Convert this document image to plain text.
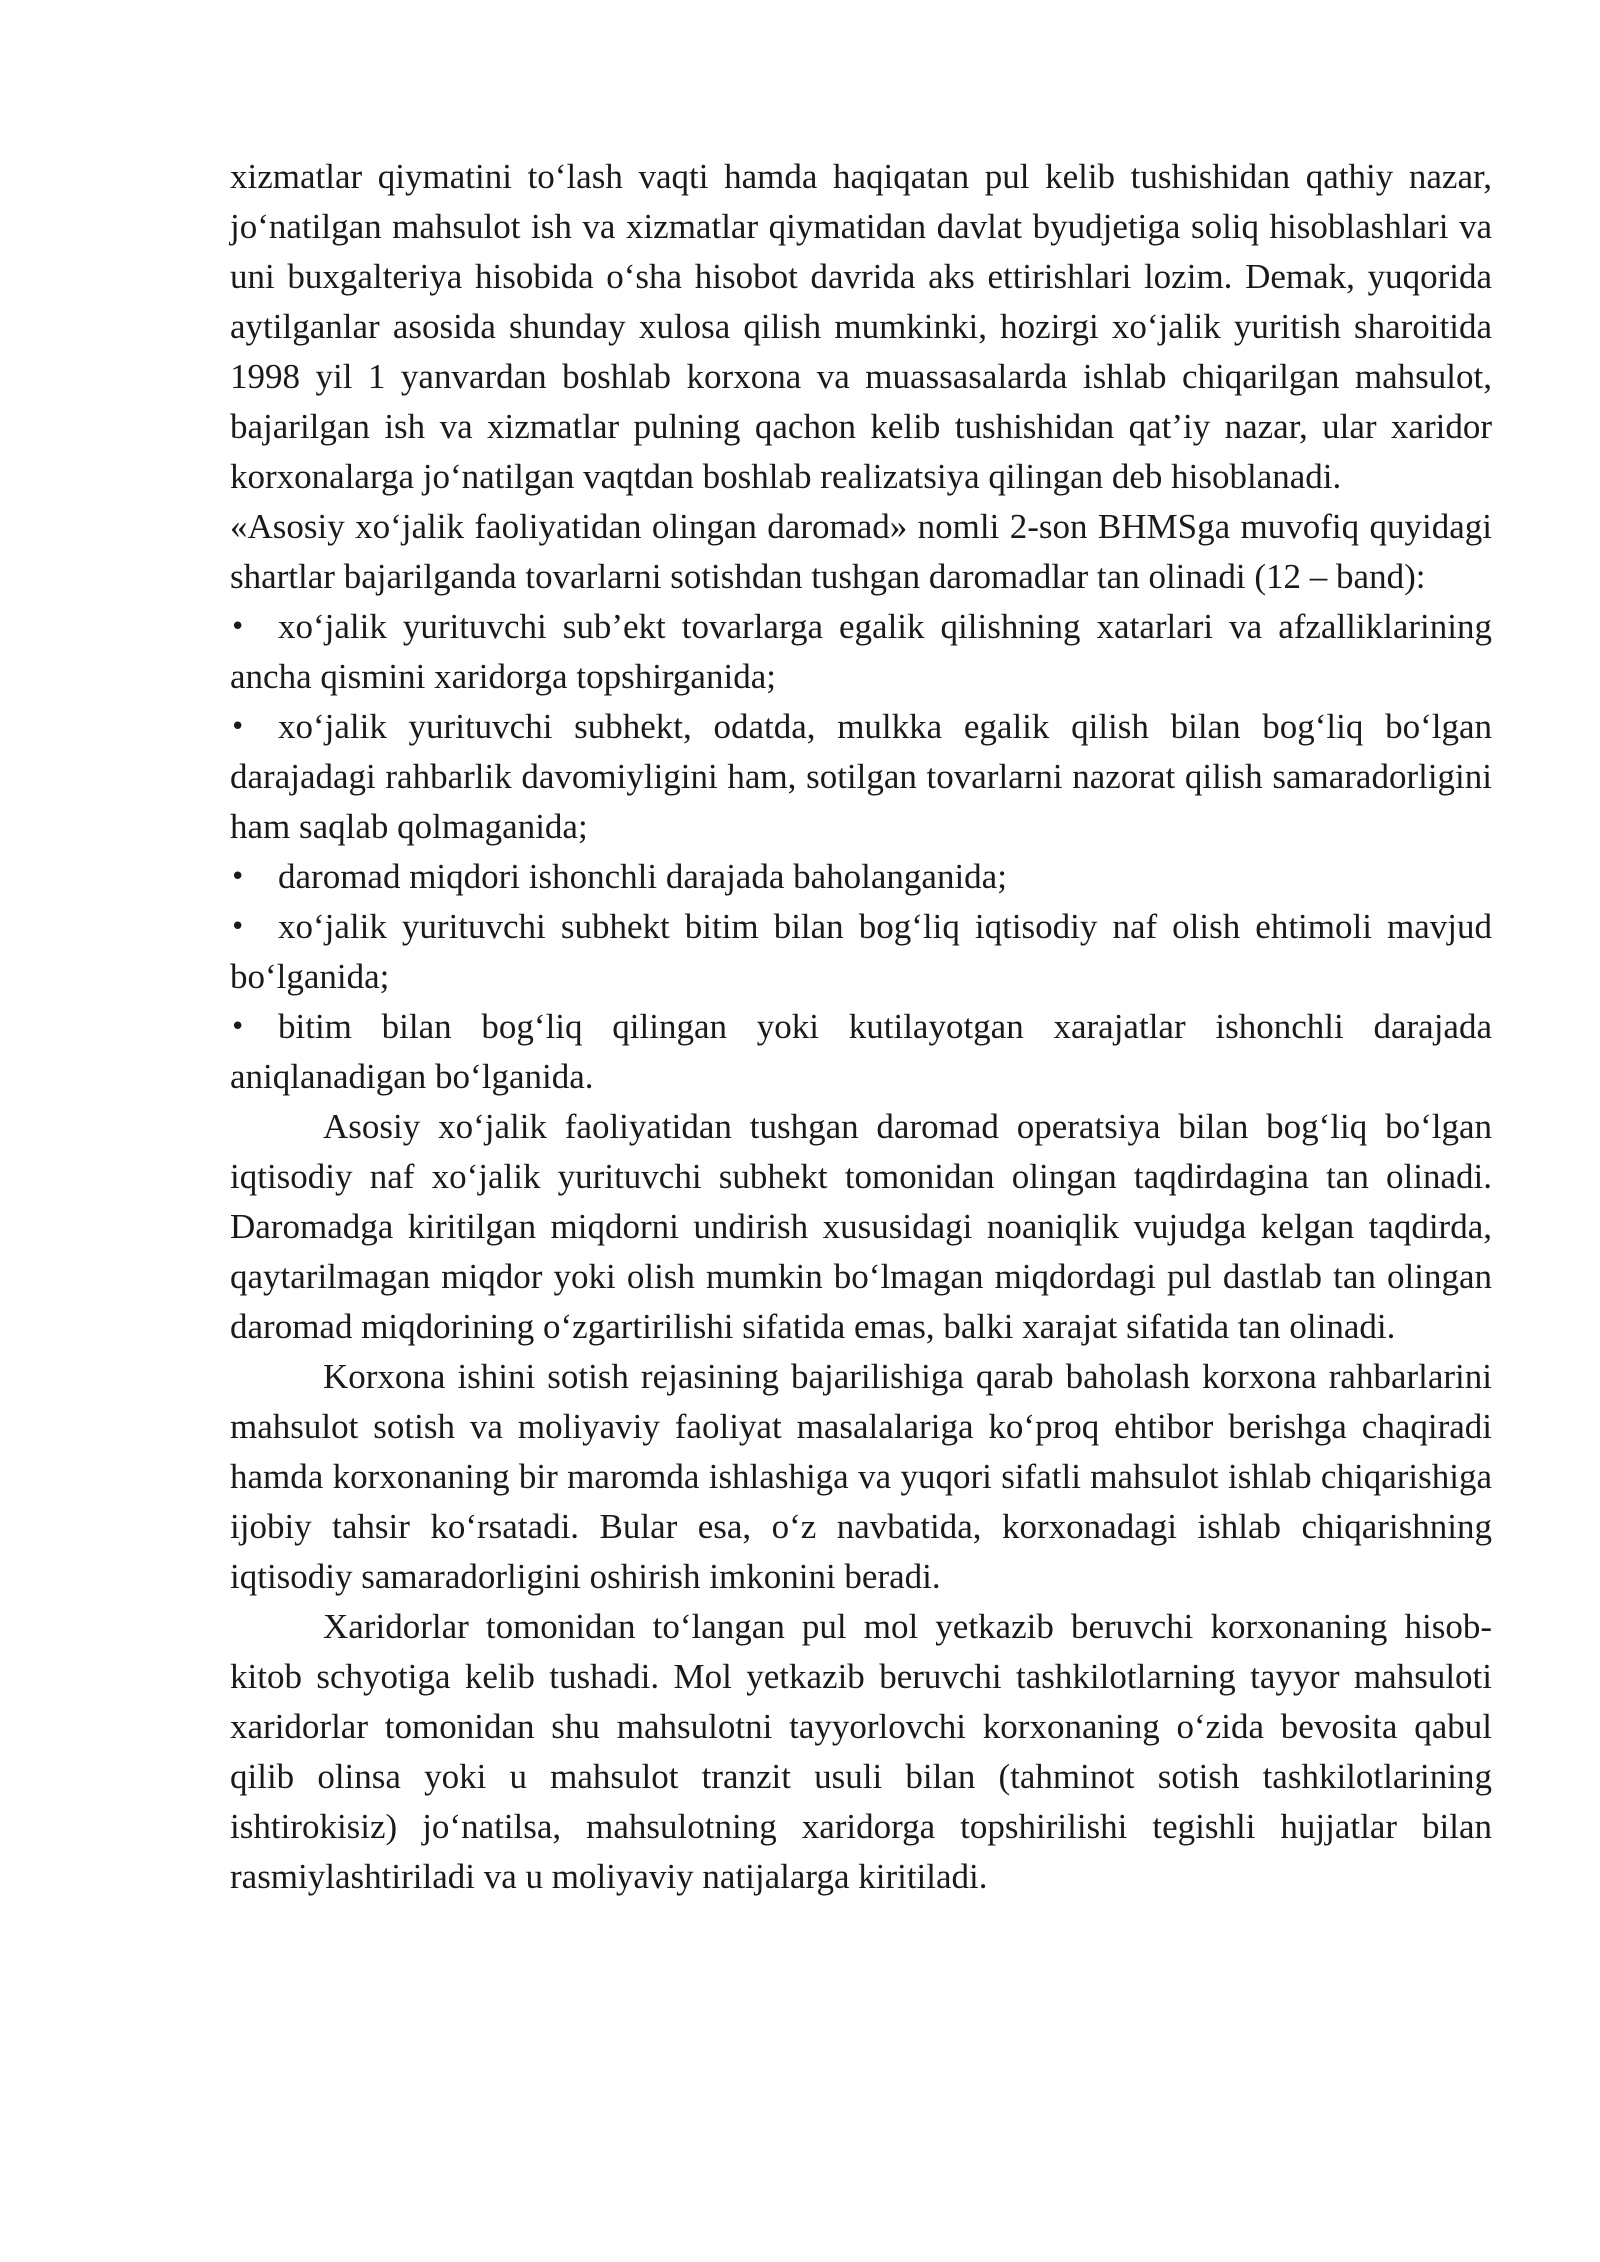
xizmatlar qiymatini to‘lash vaqti hamda haqiqatan pul kelib tushishidan qathiy nazar, jo‘natilgan mahsulot ish va xizmatlar qiymatidan davlat byudjetiga soliq hisoblashlari va uni buxgalteriya hisobida o‘sha hisobot davrida aks ettirishlari lozim. Demak, yuqorida aytilganlar asosida shunday xulosa qilish mumkinki, hozirgi xo‘jalik yuritish sharoitida 1998 yil 1 yanvardan boshlab korxona va muassasalarda ishlab chiqarilgan mahsulot, bajarilgan ish va xizmatlar pulning qachon kelib tushishidan qat’iy nazar, ular xaridor korxonalarga jo‘natilgan vaqtdan boshlab realizatsiya qilingan deb hisoblanadi.

«Asosiy xo‘jalik faoliyatidan olingan daromad» nomli 2-son BHMSga muvofiq quyidagi shartlar bajarilganda tovarlarni sotishdan tushgan daromadlar tan olinadi (12 – band):

• xo‘jalik yurituvchi sub’ekt tovarlarga egalik qilishning xatarlari va afzalliklarining ancha qismini xaridorga topshirganida;

• xo‘jalik yurituvchi subhekt, odatda, mulkka egalik qilish bilan bog‘liq bo‘lgan darajadagi rahbarlik davomiyligini ham, sotilgan tovarlarni nazorat qilish samaradorligini ham saqlab qolmaganida;

• daromad miqdori ishonchli darajada baholanganida;

• xo‘jalik yurituvchi subhekt bitim bilan bog‘liq iqtisodiy naf olish ehtimoli mavjud bo‘lganida;

• bitim bilan bog‘liq qilingan yoki kutilayotgan xarajatlar ishonchli darajada aniqlanadigan bo‘lganida.

Asosiy xo‘jalik faoliyatidan tushgan daromad operatsiya bilan bog‘liq bo‘lgan iqtisodiy naf xo‘jalik yurituvchi subhekt tomonidan olingan taqdirdagina tan olinadi. Daromadga kiritilgan miqdorni undirish xususidagi noaniqlik vujudga kelgan taqdirda, qaytarilmagan miqdor yoki olish mumkin bo‘lmagan miqdordagi pul dastlab tan olingan daromad miqdorining o‘zgartirilishi sifatida emas, balki xarajat sifatida tan olinadi.

Korxona ishini sotish rejasining bajarilishiga qarab baholash korxona rahbarlarini mahsulot sotish va moliyaviy faoliyat masalalariga ko‘proq ehtibor berishga chaqiradi hamda korxonaning bir maromda ishlashiga va yuqori sifatli mahsulot ishlab chiqarishiga ijobiy tahsir ko‘rsatadi. Bular esa, o‘z navbatida, korxonadagi ishlab chiqarishning iqtisodiy samaradorligini oshirish imkonini beradi.

Xaridorlar tomonidan to‘langan pul mol yetkazib beruvchi korxonaning hisob-kitob schyotiga kelib tushadi. Mol yetkazib beruvchi tashkilotlarning tayyor mahsuloti xaridorlar tomonidan shu mahsulotni tayyorlovchi korxonaning o‘zida bevosita qabul qilib olinsa yoki u mahsulot tranzit usuli bilan (tahminot sotish tashkilotlarining ishtirokisiz) jo‘natilsa, mahsulotning xaridorga topshirilishi tegishli hujjatlar bilan rasmiylashtiriladi va u moliyaviy natijalarga kiritiladi.
